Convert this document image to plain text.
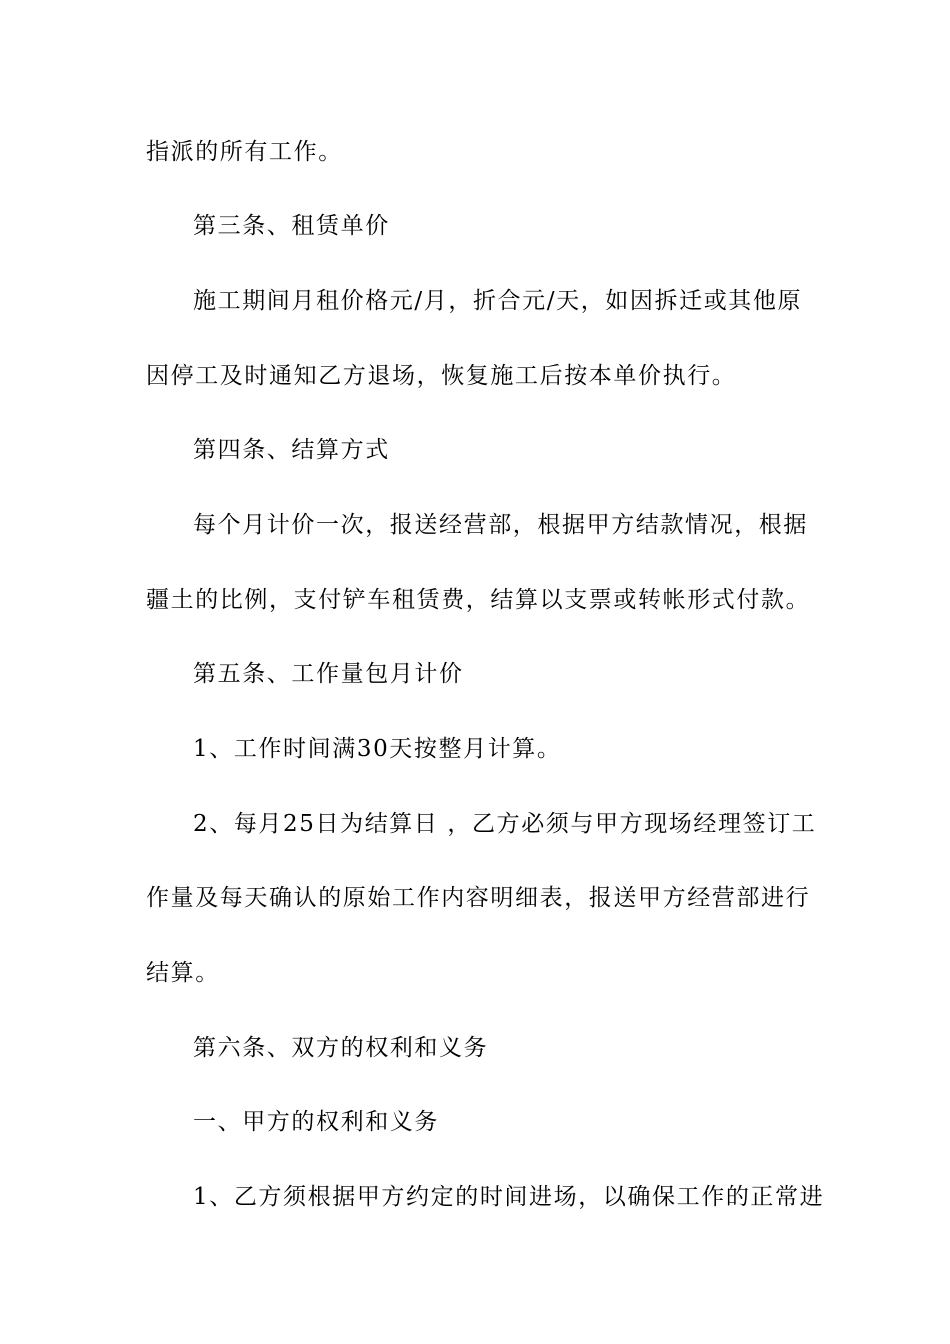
指派的所有工作。
第三条、租赁单价
施工期间月租价格元/月，折合元/天，如因拆迁或其他原
因停工及时通知乙方退场，恢复施工后按本单价执行。
第四条、结算方式
每个月计价一次，报送经营部，根据甲方结款情况，根据
疆土的比例，支付铲车租赁费，结算以支票或转帐形式付款。
第五条、工作量包月计价
1、工作时间满30天按整月计算。
2、每月25日为结算日 ，乙方必须与甲方现场经理签订工
作量及每天确认的原始工作内容明细表，报送甲方经营部进行
结算。
第六条、双方的权利和义务
一、甲方的权利和义务
1、乙方须根据甲方约定的时间进场，以确保工作的正常进
